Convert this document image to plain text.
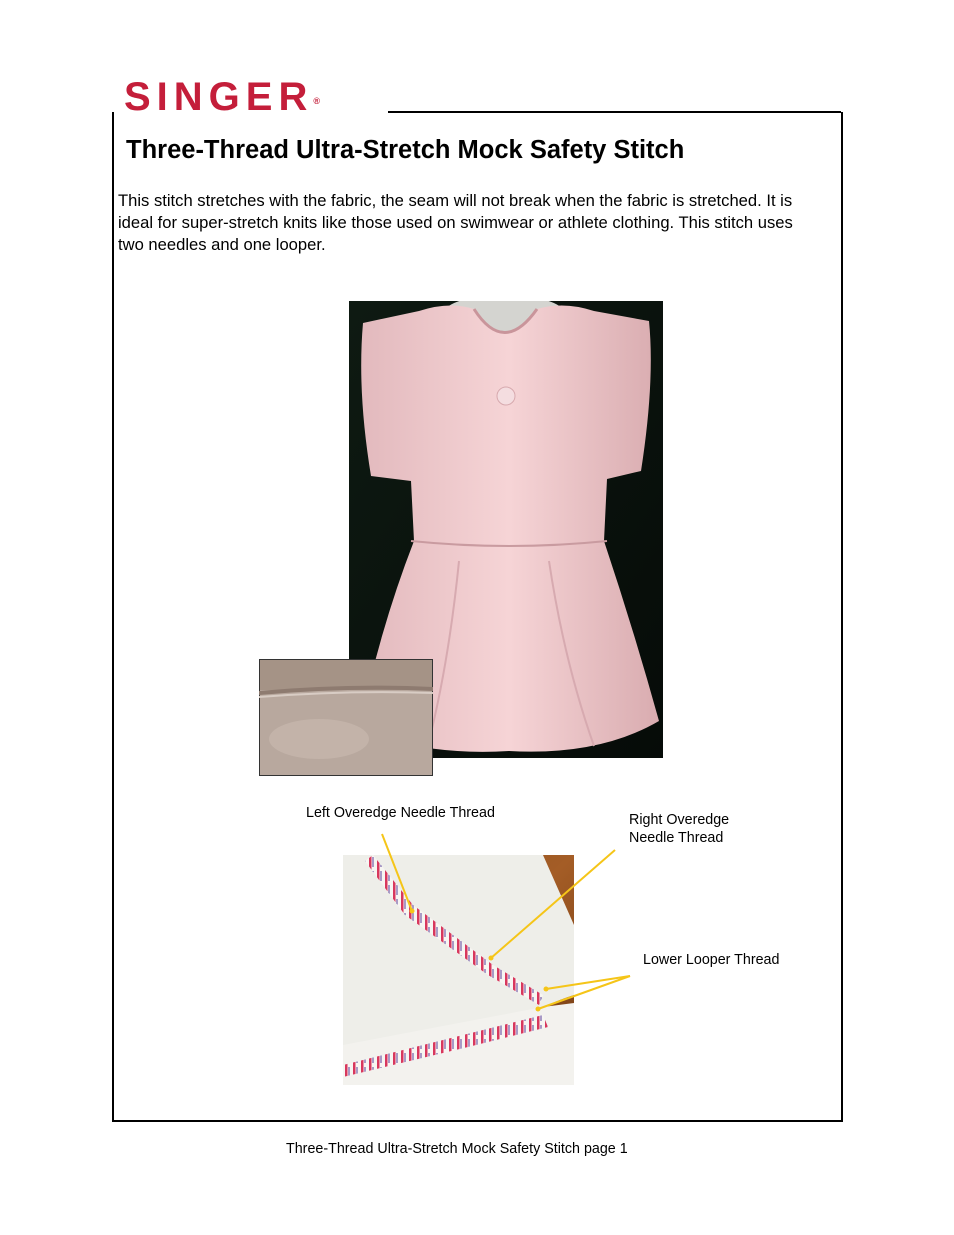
SINGER®
Three-Thread Ultra-Stretch Mock Safety Stitch
This stitch stretches with the fabric, the seam will not break when the fabric is stretched. It is ideal for super-stretch knits like those used on swimwear or athlete clothing. This stitch uses two needles and one looper.
Left Overedge Needle Thread	Right Overedge
Needle Thread
Lower Looper Thread
Three-Thread Ultra-Stretch Mock Safety Stitch page 1
